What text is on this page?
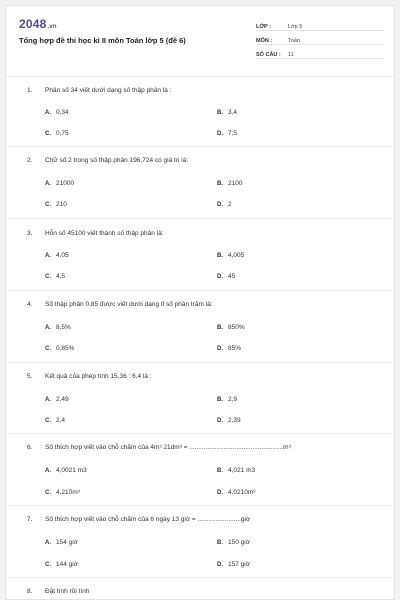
2048.vn
Tổng hợp đề thi học kì II môn Toán lớp 5 (đề 6)
LỚP :	Lớp 5
MÔN :	Toán
SỐ CÂU :	11
1. Phân số 34 viết dưới dạng số thập phân là :
A. 0,34	B. 3,4
C. 0,75	D. 7,5
2. Chữ số 2 trong số thập phân 196,724 có giá trị là:
A. 21000	B. 2100
C. 210	D. 2
3. Hỗn số 45100 viết thành số thập phân là:
A. 4,05	B. 4,005
C. 4,5	D. 45
4. Số thập phân 0,85 được viết dưới dạng tỉ số phần trăm là:
A. 8,5%	B. 850%
C. 0,85%	D. 85%
5. Kết quả của phép tính 15,36 : 6,4 là :
A. 2,49	B. 2,9
C. 2,4	D. 2,39
6. Số thích hợp viết vào chỗ chấm của 4m³ 21dm³ = ....................................................m³
A. 4,0021 m3	B. 4,021 m3
C. 4,210m³	D. 4,0210m³
7. Số thích hợp viết vào chỗ chấm của 6 ngày 13 giờ = ........................giờ
A. 154 giờ	B. 150 giờ
C. 144 giờ	D. 157 giờ
8. Đặt tính rồi tính
